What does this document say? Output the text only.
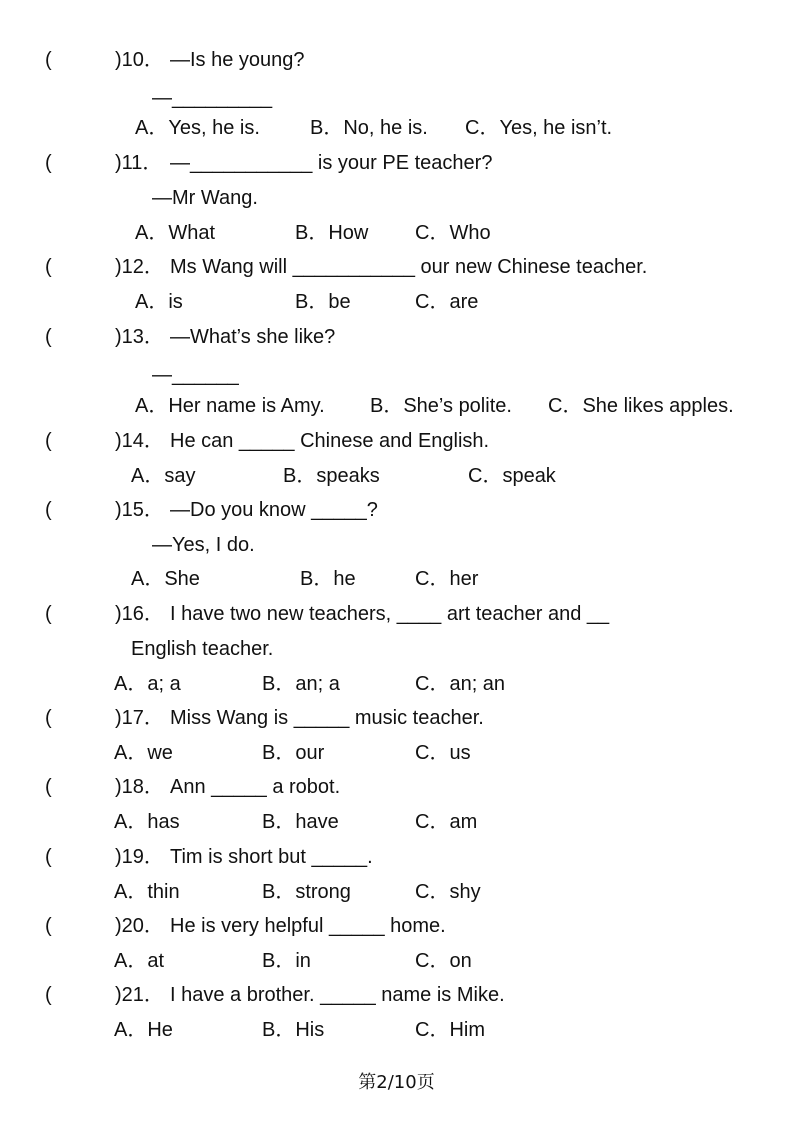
(	)10． —Is he young?
—_________
A．Yes, he is.	B．No, he is. C．Yes, he isn’t.
(	)11． —___________ is your PE teacher?
—Mr Wang.
A．What	B．How C．Who
(	)12． Ms Wang will ___________ our new Chinese teacher.
A．is	B．be	C．are
(	)13． —What’s she like?
—______
A．Her name is Amy. B．She’s polite. C．She likes apples.
(	)14． He can _____ Chinese and English.
A．say	B．speaks	C．speak
(	)15． —Do you know _____?
—Yes, I do.
A．She	B．he	C．her
(	)16． I have two new teachers, ____ art teacher and __
English teacher.
A．a; a	B．an; a	C．an; an
(	)17． Miss Wang is _____ music teacher.
A．we	B．our	C．us
(	)18． Ann _____ a robot.
A．has	B．have	C．am
(	)19． Tim is short but _____.
A．thin	B．strong	C．shy
(	)20． He is very helpful _____ home.
A．at	B．in	C．on
(	)21． I have a brother. _____ name is Mike.
A．He	B．His	C．Him
第2/10页
